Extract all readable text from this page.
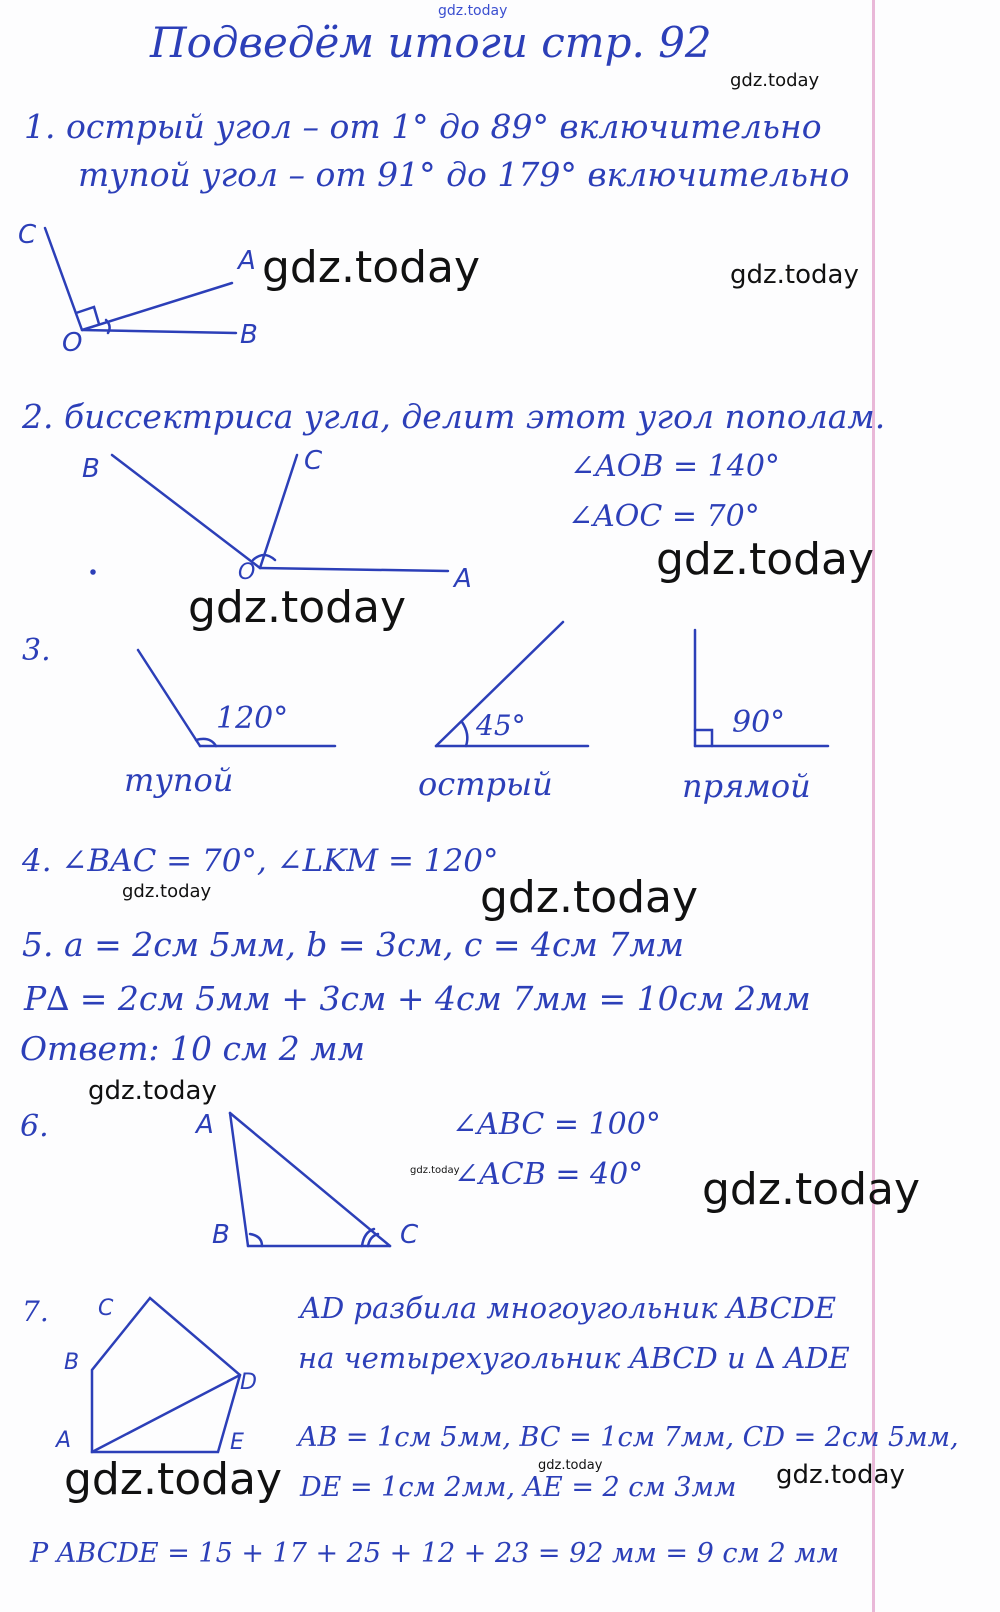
gdz.today
Подведём итоги стр. 92
gdz.today
1. острый угол – от 1° до 89° включительно
тупой угол – от 91° до 179° включительно
C
A
O	B
gdz.today	gdz.today
2. биссектриса угла, делит этот угол пополам.
B	C
O	A
∠AOB = 140°
∠AOC = 70°
gdz.today
gdz.today
3.
120°
тупой
45°
острый
90°
прямой
4. ∠BAC = 70°, ∠LKM = 120°
gdz.today	gdz.today
5. a = 2см 5мм, b = 3см, c = 4см 7мм
P∆ = 2см 5мм + 3см + 4см 7мм = 10см 2мм
Ответ: 10 см 2 мм
gdz.today
6.	A
B	C
∠ABC = 100°
∠ACB = 40°
gdz.today	gdz.today
7. C
B
D
A	E
AD разбила многоугольник ABCDE
на четырехугольник ABCD и ∆ ADE
AB = 1см 5мм, BC = 1см 7мм, CD = 2см 5мм,
gdz.today
DE = 1см 2мм, AE = 2 см 3мм
gdz.today	gdz.today
P ABCDE = 15 + 17 + 25 + 12 + 23 = 92 мм = 9 см 2 мм
